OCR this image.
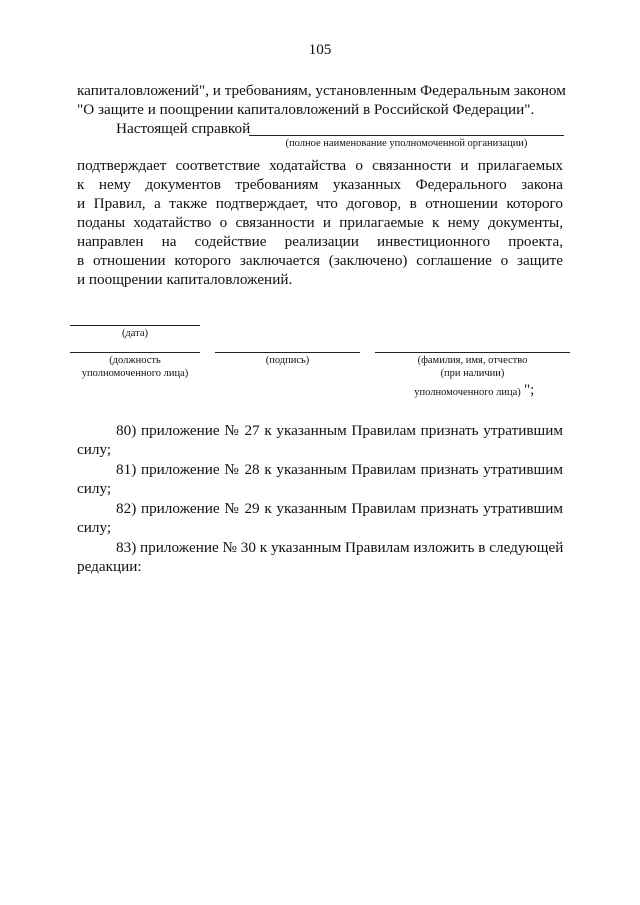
105
капиталовложений", и требованиям, установленным Федеральным законом
"О защите и поощрении капиталовложений в Российской Федерации".
Настоящей справкой
(полное наименование уполномоченной организации)
подтверждает соответствие ходатайства о связанности и прилагаемых
к нему документов требованиям указанных Федерального закона
и Правил, а также подтверждает, что договор, в отношении которого
поданы ходатайство о связанности и прилагаемые к нему документы,
направлен на содействие реализации инвестиционного проекта,
в отношении которого заключается (заключено) соглашение о защите
и поощрении капиталовложений.
(дата)
(должность
уполномоченного лица)
(подпись)	(фамилия, имя, отчество
(при наличии)
уполномоченного лица) ";
80) приложение № 27 к указанным Правилам признать утратившим
силу;
81) приложение № 28 к указанным Правилам признать утратившим
силу;
82) приложение № 29 к указанным Правилам признать утратившим
силу;
83) приложение № 30 к указанным Правилам изложить в следующей
редакции:
